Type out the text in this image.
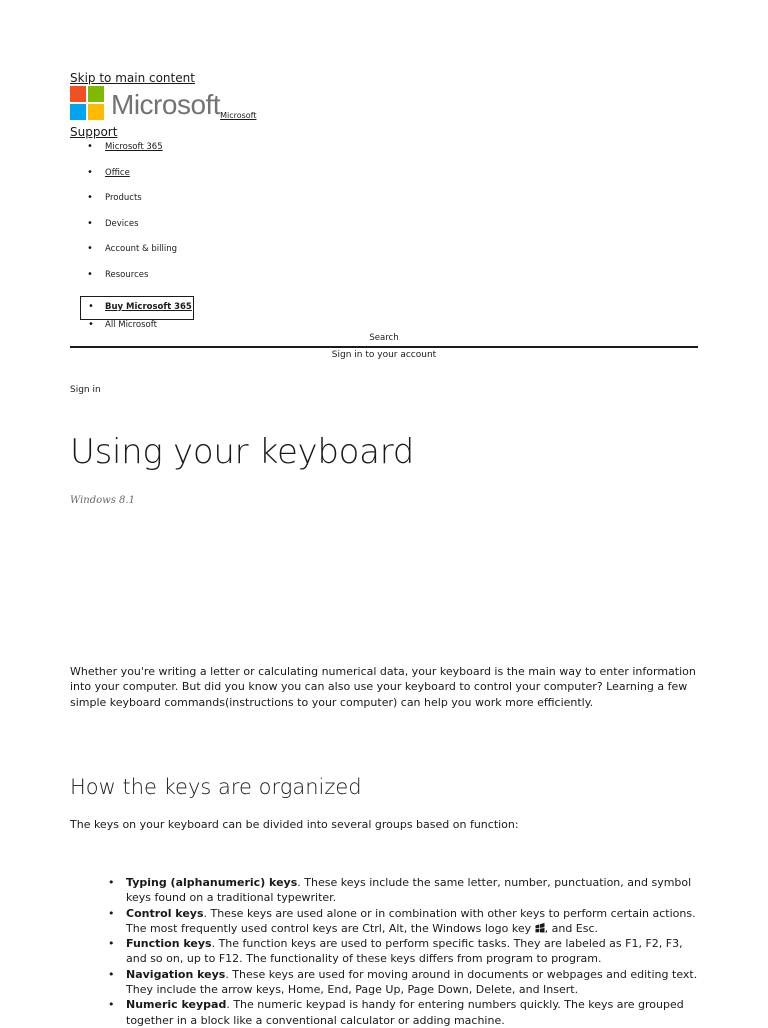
Skip to main content
Microsoft Microsoft
Support
• Microsoft 365
• Office
• Products
• Devices
• Account & billing
• Resources
• Buy Microsoft 365
• All Microsoft
Search
Sign in to your account
Sign in
Using your keyboard
Windows 8.1

Whether you're writing a letter or calculating numerical data, your keyboard is the main way to enter information into your computer. But did you know you can also use your keyboard to control your computer? Learning a few simple keyboard commands(instructions to your computer) can help you work more efficiently.

How the keys are organized
The keys on your keyboard can be divided into several groups based on function:
• Typing (alphanumeric) keys. These keys include the same letter, number, punctuation, and symbol keys found on a traditional typewriter.
• Control keys. These keys are used alone or in combination with other keys to perform certain actions. The most frequently used control keys are Ctrl, Alt, the Windows logo key , and Esc.
• Function keys. The function keys are used to perform specific tasks. They are labeled as F1, F2, F3, and so on, up to F12. The functionality of these keys differs from program to program.
• Navigation keys. These keys are used for moving around in documents or webpages and editing text. They include the arrow keys, Home, End, Page Up, Page Down, Delete, and Insert.
• Numeric keypad. The numeric keypad is handy for entering numbers quickly. The keys are grouped together in a block like a conventional calculator or adding machine.
